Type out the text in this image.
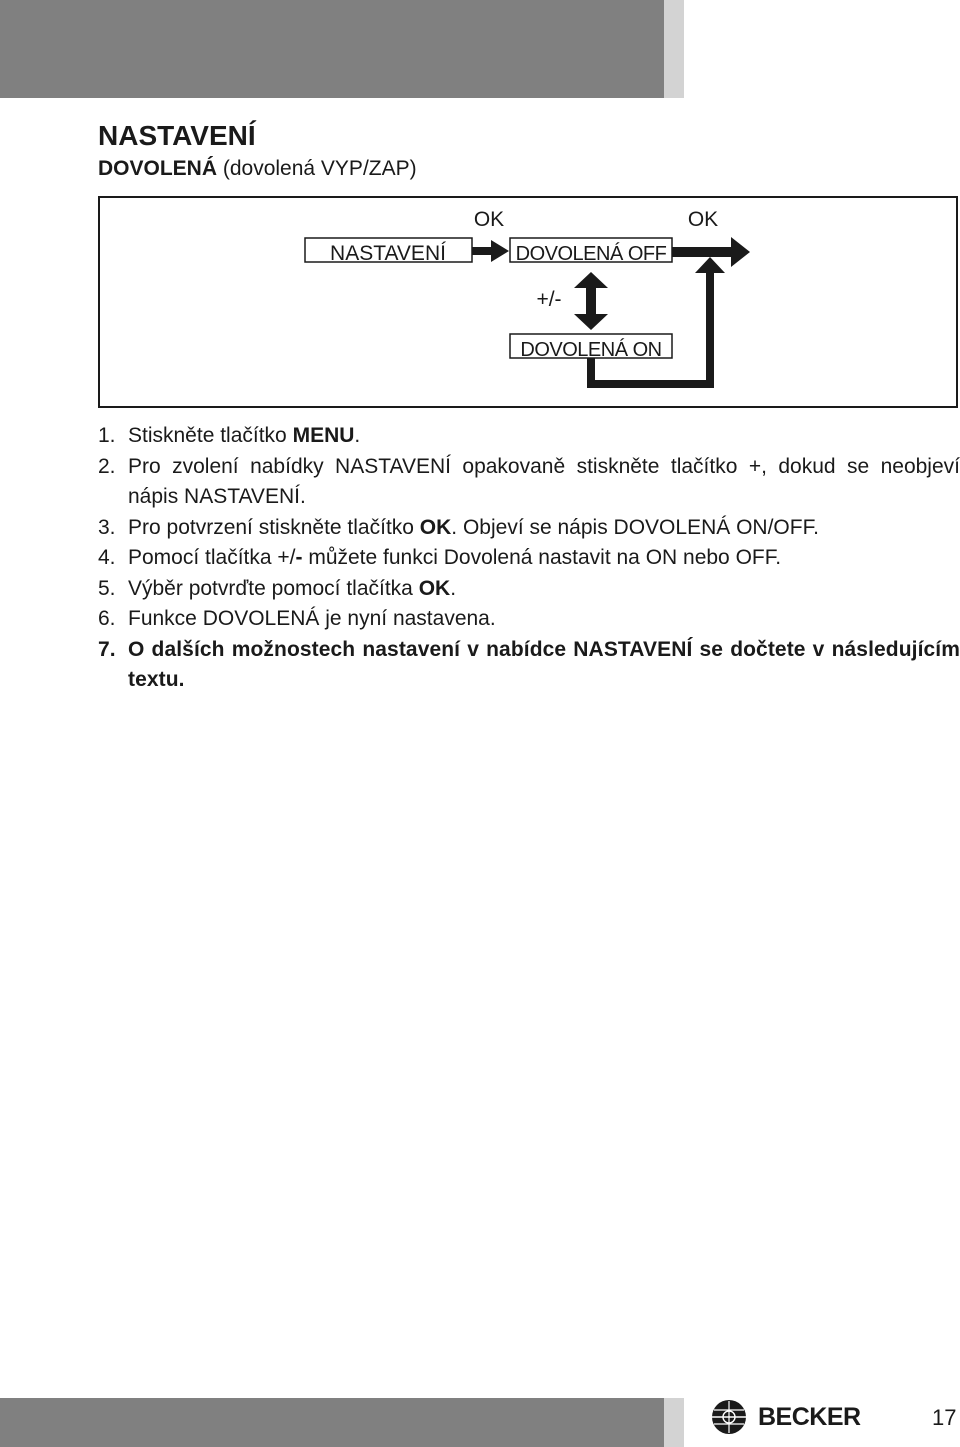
NASTAVENÍ
DOVOLENÁ (dovolená VYP/ZAP)
NASTAVENÍ	DOVOLENÁ OFF
DOVOLENÁ ON
OK	OK
+/-
1. Stiskněte tlačítko MENU.
2. Pro zvolení nabídky NASTAVENÍ opakovaně stiskněte tlačítko +, dokud se neobjeví nápis NASTAVENÍ.
3. Pro potvrzení stiskněte tlačítko OK. Objeví se nápis DOVOLENÁ ON/OFF.
4. Pomocí tlačítka +/- můžete funkci Dovolená nastavit na ON nebo OFF.
5. Výběr potvrďte pomocí tlačítka OK.
6. Funkce DOVOLENÁ je nyní nastavena.
7. O dalších možnostech nastavení v nabídce NASTAVENÍ se dočtete v následujícím textu.
BECKER	17
